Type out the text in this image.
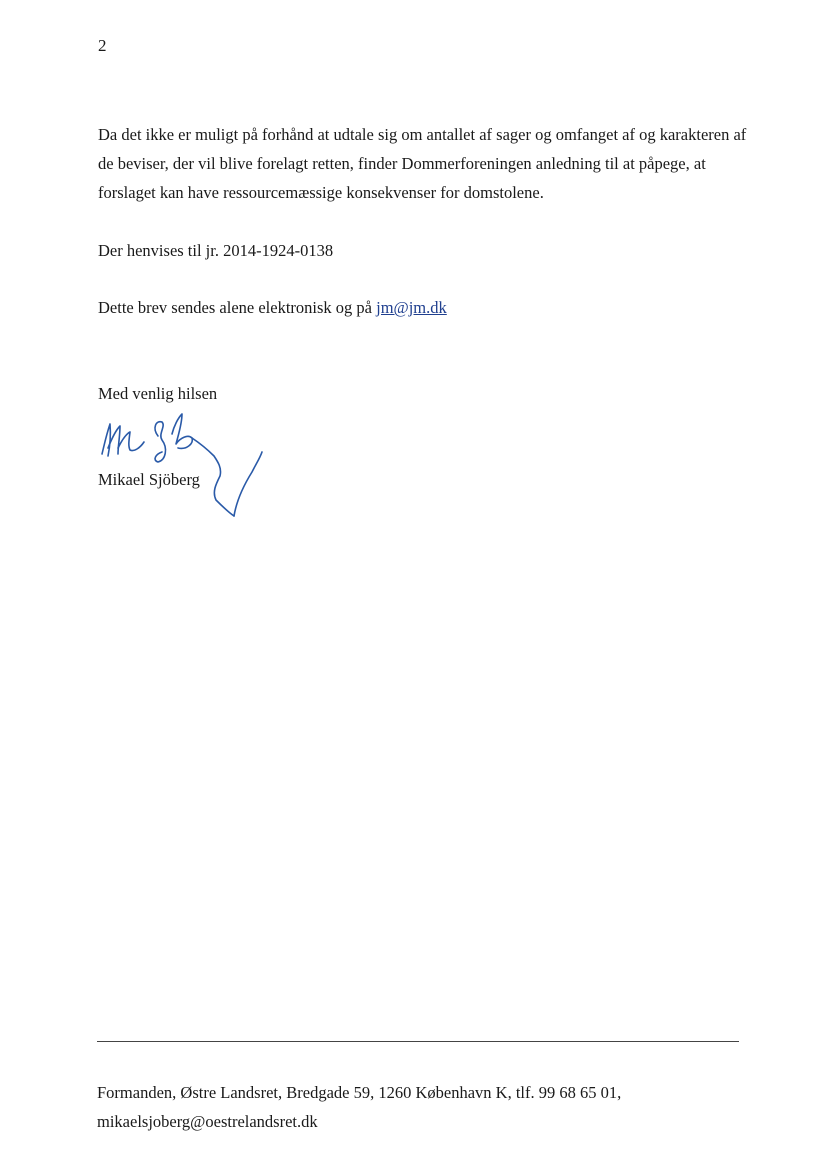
2

Da det ikke er muligt på forhånd at udtale sig om antallet af sager og omfanget af og karakteren af de beviser, der vil blive forelagt retten, finder Dommerforeningen anledning til at påpege, at forslaget kan have ressourcemæssige konsekvenser for domstolene.

Der henvises til jr. 2014-1924-0138

Dette brev sendes alene elektronisk og på jm@jm.dk

Med venlig hilsen

Mikael Sjöberg

Formanden, Østre Landsret, Bredgade 59, 1260 København K, tlf. 99 68 65 01,
mikaelsjoberg@oestrelandsret.dk
